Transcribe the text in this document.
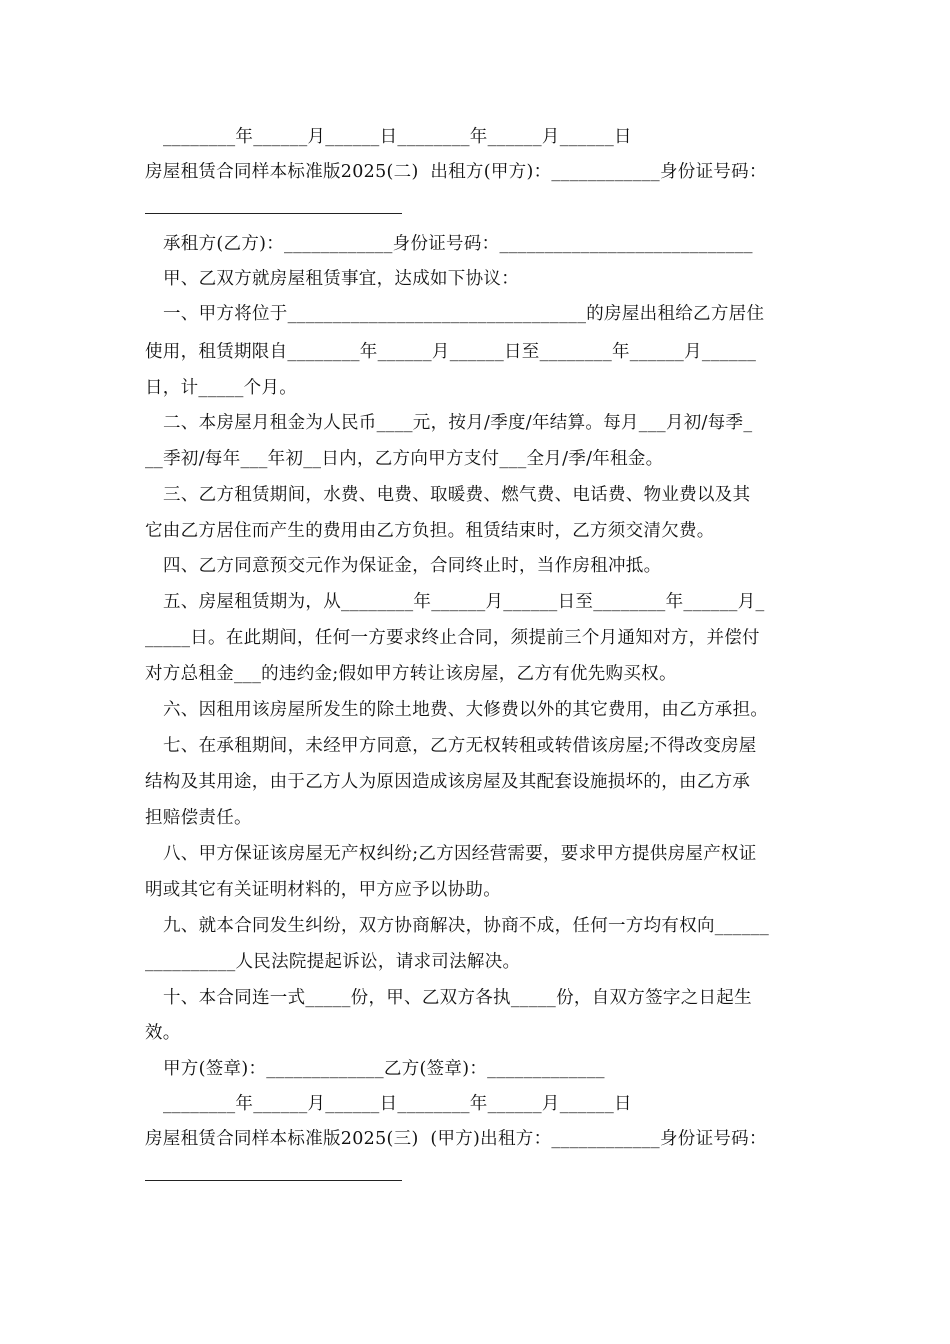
________年______月______日________年______月______日
房屋租赁合同样本标准版2025(二)  出租方(甲方)：____________身份证号码：
承租方(乙方)：____________身份证号码：____________________________
甲、乙双方就房屋租赁事宜，达成如下协议：
一、甲方将位于_________________________________的房屋出租给乙方居住
使用，租赁期限自________年______月______日至________年______月______
日，计_____个月。
二、本房屋月租金为人民币____元，按月/季度/年结算。每月___月初/每季_
__季初/每年___年初__日内，乙方向甲方支付___全月/季/年租金。
三、乙方租赁期间，水费、电费、取暖费、燃气费、电话费、物业费以及其
它由乙方居住而产生的费用由乙方负担。租赁结束时，乙方须交清欠费。
四、乙方同意预交元作为保证金，合同终止时，当作房租冲抵。
五、房屋租赁期为，从________年______月______日至________年______月_
_____日。在此期间，任何一方要求终止合同，须提前三个月通知对方，并偿付
对方总租金___的违约金;假如甲方转让该房屋，乙方有优先购买权。
六、因租用该房屋所发生的除土地费、大修费以外的其它费用，由乙方承担。
七、在承租期间，未经甲方同意，乙方无权转租或转借该房屋;不得改变房屋
结构及其用途，由于乙方人为原因造成该房屋及其配套设施损坏的，由乙方承
担赔偿责任。
八、甲方保证该房屋无产权纠纷;乙方因经营需要，要求甲方提供房屋产权证
明或其它有关证明材料的，甲方应予以协助。
九、就本合同发生纠纷，双方协商解决，协商不成，任何一方均有权向______
__________人民法院提起诉讼，请求司法解决。
十、本合同连一式_____份，甲、乙双方各执_____份，自双方签字之日起生
效。
甲方(签章)：_____________乙方(签章)：_____________
________年______月______日________年______月______日
房屋租赁合同样本标准版2025(三)  (甲方)出租方：____________身份证号码：
